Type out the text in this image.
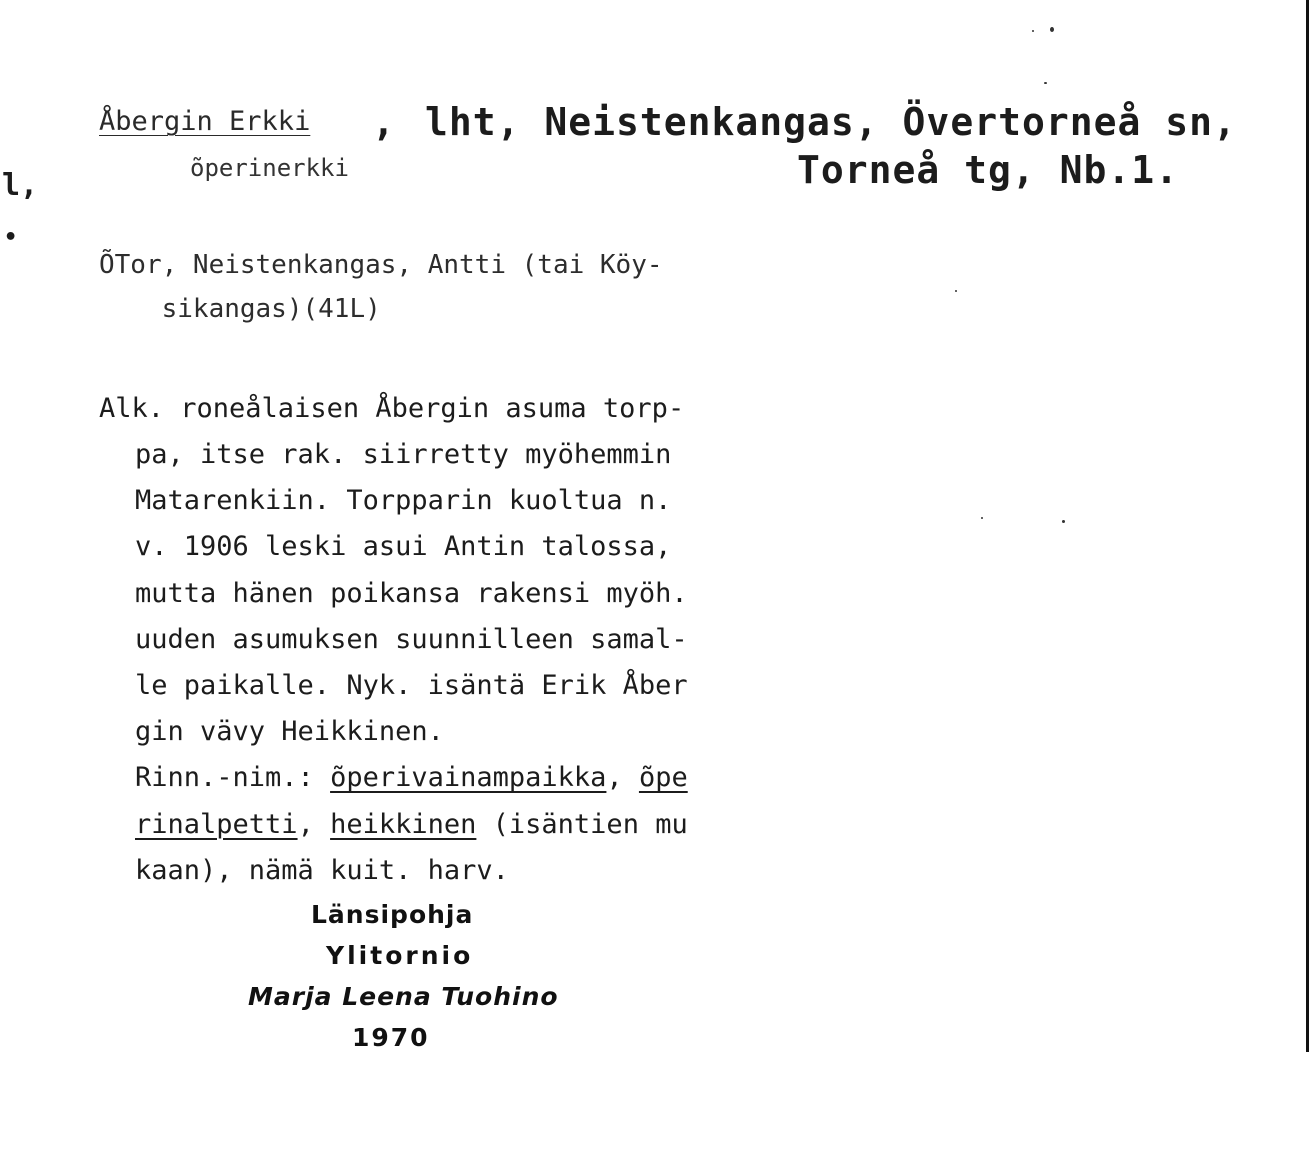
Åbergin Erkki , lht, Neistenkangas, Övertorneå sn,
õperinerkki	Torneå tg, Nb.1.
l,
•
ÕTor, Neistenkangas, Antti (tai Köy-
sikangas)(41L)
Alk. roneålaisen Åbergin asuma torp-
pa, itse rak. siirretty myöhemmin
Matarenkiin. Torpparin kuoltua n.
v. 1906 leski asui Antin talossa,
mutta hänen poikansa rakensi myöh.
uuden asumuksen suunnilleen samal-
le paikalle. Nyk. isäntä Erik Åber
gin vävy Heikkinen.
Rinn.-nim.: õperivainampaikka, õpe
rinalpetti, heikkinen (isäntien mu
kaan), nämä kuit. harv.
Länsipohja
Ylitornio
Marja Leena Tuohino
1970
